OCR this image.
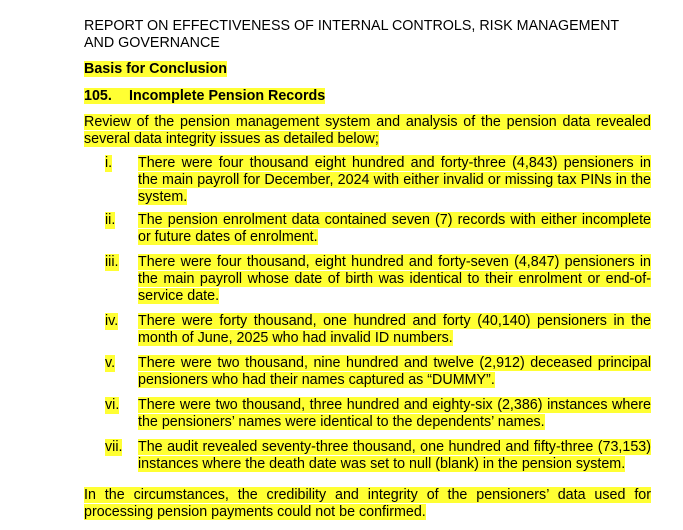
REPORT ON EFFECTIVENESS OF INTERNAL CONTROLS, RISK MANAGEMENT
AND GOVERNANCE

Basis for Conclusion

105. Incomplete Pension Records

Review of the pension management system and analysis of the pension data revealed several data integrity issues as detailed below;

i. There were four thousand eight hundred and forty-three (4,843) pensioners in the main payroll for December, 2024 with either invalid or missing tax PINs in the system.
ii. The pension enrolment data contained seven (7) records with either incomplete or future dates of enrolment.
iii. There were four thousand, eight hundred and forty-seven (4,847) pensioners in the main payroll whose date of birth was identical to their enrolment or end-of-service date.
iv. There were forty thousand, one hundred and forty (40,140) pensioners in the month of June, 2025 who had invalid ID numbers.
v. There were two thousand, nine hundred and twelve (2,912) deceased principal pensioners who had their names captured as “DUMMY”.
vi. There were two thousand, three hundred and eighty-six (2,386) instances where the pensioners’ names were identical to the dependents’ names.
vii. The audit revealed seventy-three thousand, one hundred and fifty-three (73,153) instances where the death date was set to null (blank) in the pension system.

In the circumstances, the credibility and integrity of the pensioners’ data used for processing pension payments could not be confirmed.
